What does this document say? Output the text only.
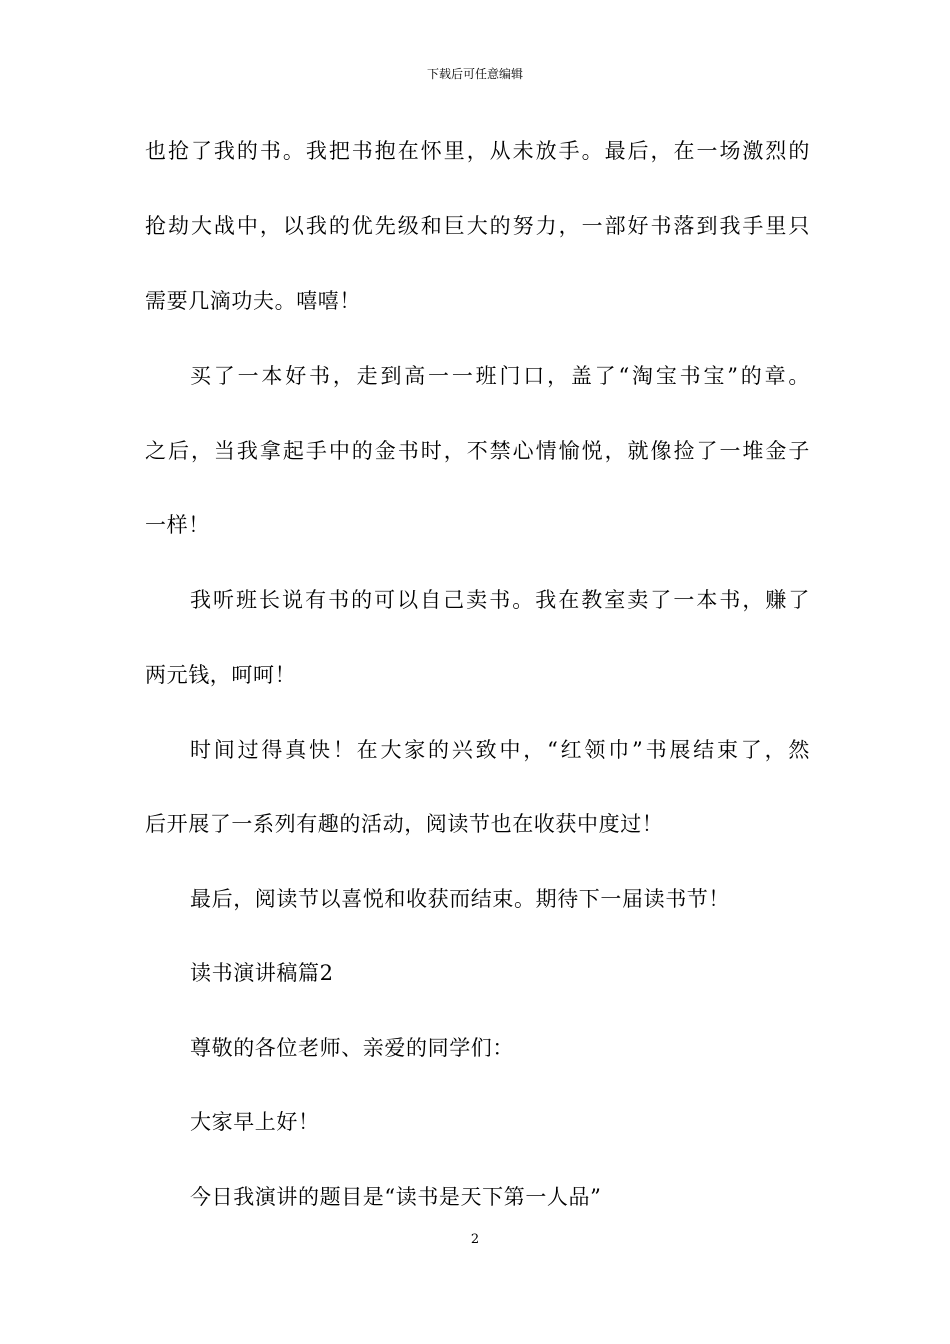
下载后可任意编辑
也抢了我的书。我把书抱在怀里，从未放手。最后，在一场激烈的
抢劫大战中，以我的优先级和巨大的努力，一部好书落到我手里只
需要几滴功夫。嘻嘻！
买了一本好书，走到高一一班门口，盖了“淘宝书宝”的章。
之后，当我拿起手中的金书时，不禁心情愉悦，就像捡了一堆金子
一样！
我听班长说有书的可以自己卖书。我在教室卖了一本书，赚了
两元钱，呵呵！
时间过得真快！在大家的兴致中，“红领巾”书展结束了，然
后开展了一系列有趣的活动，阅读节也在收获中度过！
最后，阅读节以喜悦和收获而结束。期待下一届读书节！
读书演讲稿篇2
尊敬的各位老师、亲爱的同学们：
大家早上好！
今日我演讲的题目是“读书是天下第一人品”
2
